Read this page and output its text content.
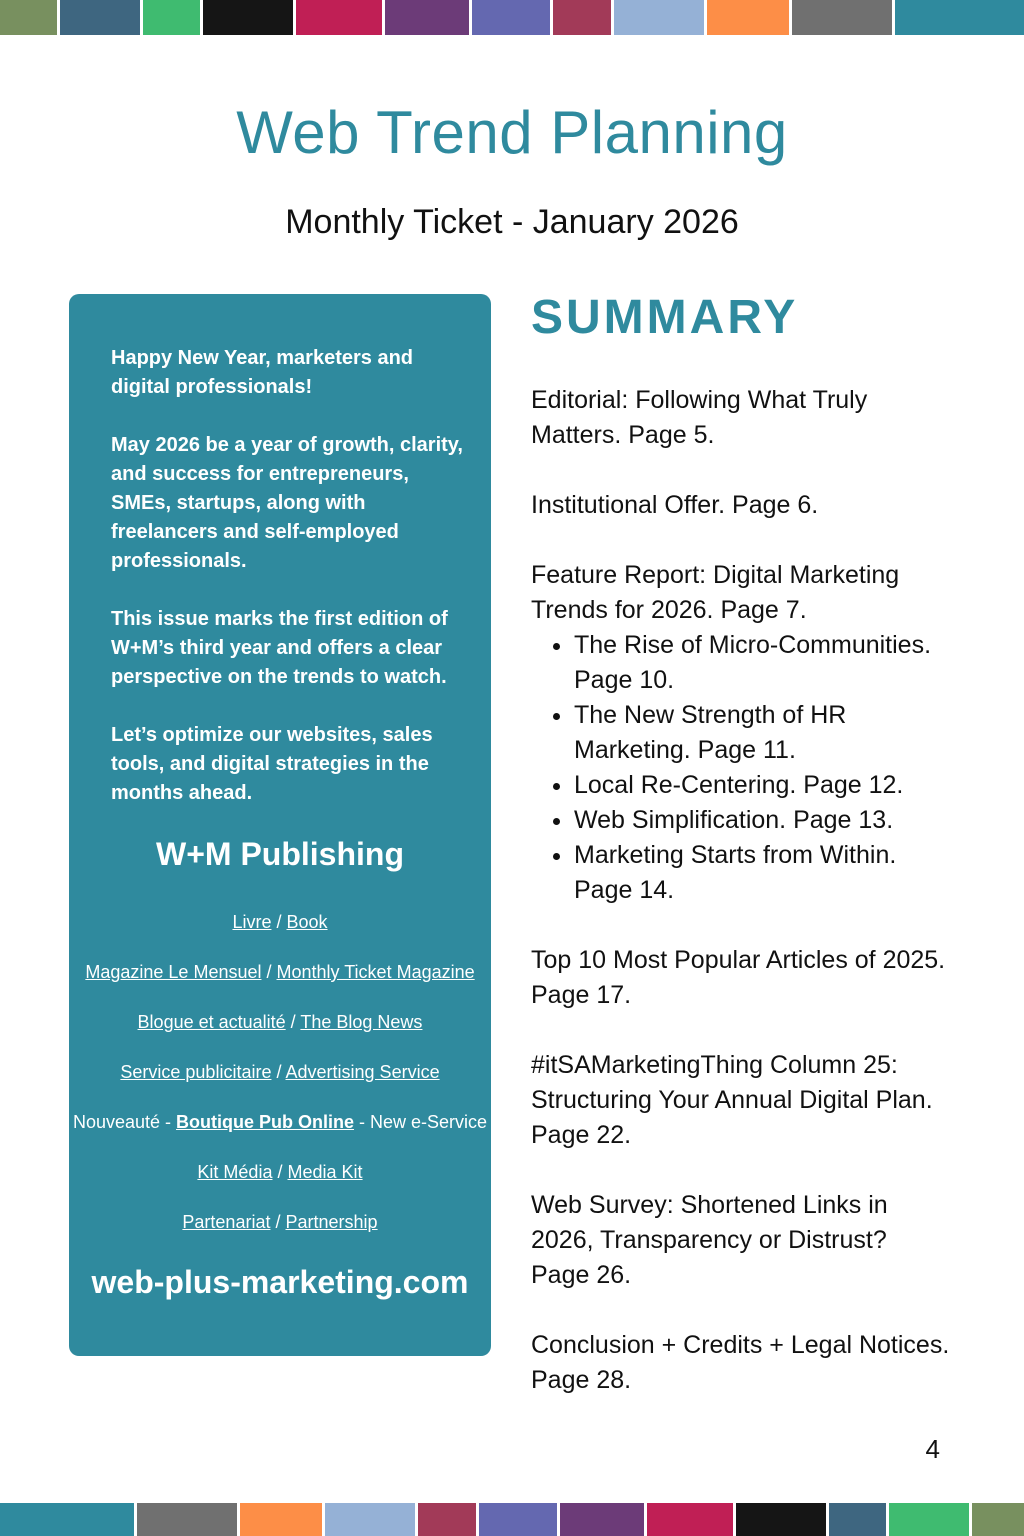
Web Trend Planning
Monthly Ticket - January 2026

Happy New Year, marketers and digital professionals!

May 2026 be a year of growth, clarity, and success for entrepreneurs, SMEs, startups, along with freelancers and self-employed professionals.

This issue marks the first edition of W+M’s third year and offers a clear perspective on the trends to watch.

Let’s optimize our websites, sales tools, and digital strategies in the months ahead.

W+M Publishing
Livre / Book
Magazine Le Mensuel / Monthly Ticket Magazine
Blogue et actualité / The Blog News
Service publicitaire / Advertising Service
Nouveauté - Boutique Pub Online - New e-Service
Kit Média / Media Kit
Partenariat / Partnership
web-plus-marketing.com
SUMMARY
Editorial: Following What Truly Matters. Page 5.
Institutional Offer. Page 6.
Feature Report: Digital Marketing Trends for 2026. Page 7.
• The Rise of Micro-Communities. Page 10.
• The New Strength of HR Marketing. Page 11.
• Local Re-Centering. Page 12.
• Web Simplification. Page 13.
• Marketing Starts from Within. Page 14.
Top 10 Most Popular Articles of 2025. Page 17.
#itSAMarketingThing Column 25: Structuring Your Annual Digital Plan. Page 22.
Web Survey: Shortened Links in 2026, Transparency or Distrust? Page 26.
Conclusion + Credits + Legal Notices. Page 28.
4
